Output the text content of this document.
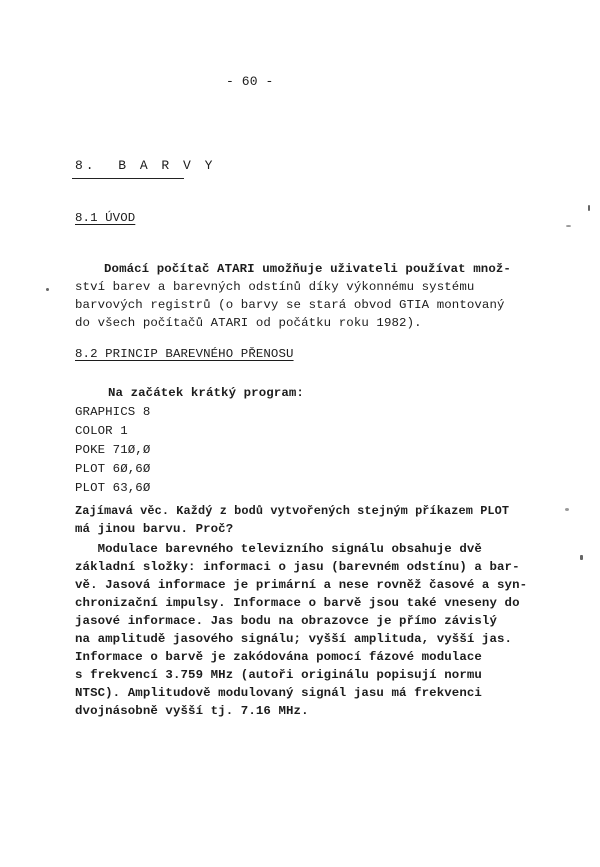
- 60 -
8. B A R V Y
8.1 ÚVOD
Domácí počítač ATARI umožňuje uživateli používat množ-
ství barev a barevných odstínů díky výkonnému systému
barvových registrů (o barvy se stará obvod GTIA montovaný
do všech počítačů ATARI od počátku roku 1982).
8.2 PRINCIP BAREVNÉHO PŘENOSU
Na začátek krátký program:
GRAPHICS 8
COLOR 1
POKE 71Ø,Ø
PLOT 6Ø,6Ø
PLOT 63,6Ø
Zajímavá věc. Každý z bodů vytvořených stejným příkazem PLOT
má jinou barvu. Proč?
Modulace barevného televizního signálu obsahuje dvě
základní složky: informaci o jasu (barevném odstínu) a bar-
vě. Jasová informace je primární a nese rovněž časové a syn-
chronizační impulsy. Informace o barvě jsou také vneseny do
jasové informace. Jas bodu na obrazovce je přímo závislý
na amplitudě jasového signálu; vyšší amplituda, vyšší jas.
Informace o barvě je zakódována pomocí fázové modulace
s frekvencí 3.759 MHz (autoři originálu popisují normu
NTSC). Amplitudově modulovaný signál jasu má frekvenci
dvojnásobně vyšší tj. 7.16 MHz.
